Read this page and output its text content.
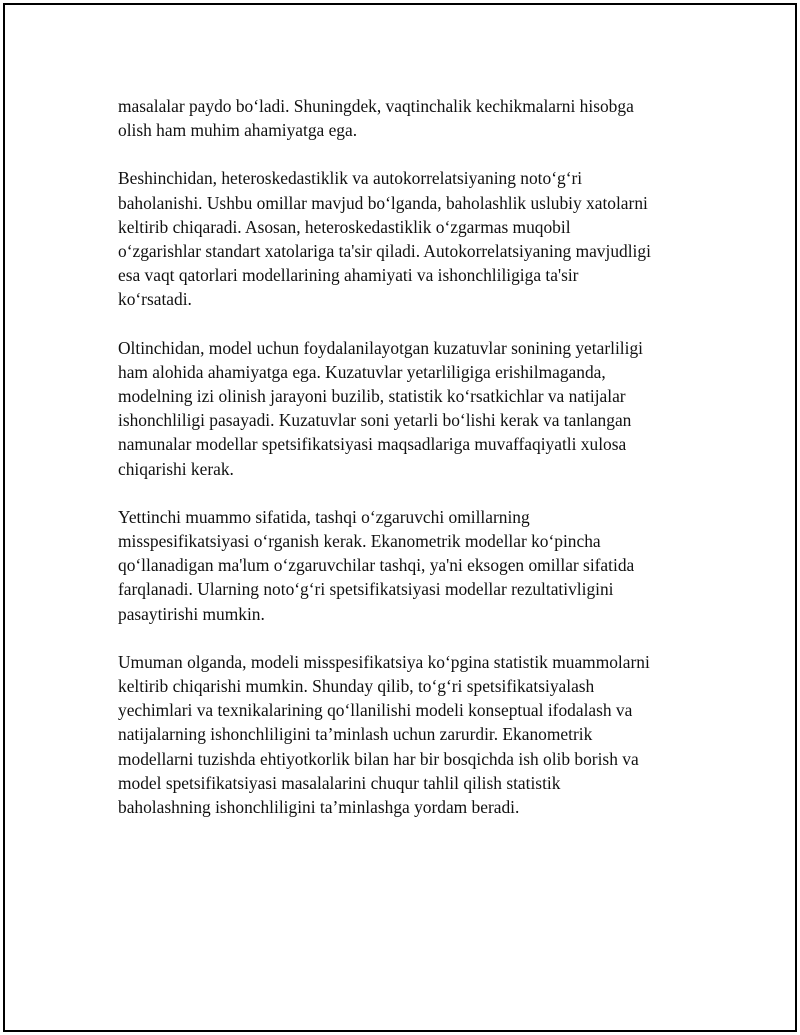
masalalar paydo bo‘ladi. Shuningdek, vaqtinchalik kechikmalarni hisobga
olish ham muhim ahamiyatga ega.

Beshinchidan, heteroskedastiklik va autokorrelatsiyaning noto‘g‘ri
baholanishi. Ushbu omillar mavjud bo‘lganda, baholashlik uslubiy xatolarni
keltirib chiqaradi. Asosan, heteroskedastiklik o‘zgarmas muqobil
o‘zgarishlar standart xatolariga ta'sir qiladi. Autokorrelatsiyaning mavjudligi
esa vaqt qatorlari modellarining ahamiyati va ishonchliligiga ta'sir
ko‘rsatadi.

Oltinchidan, model uchun foydalanilayotgan kuzatuvlar sonining yetarliligi
ham alohida ahamiyatga ega. Kuzatuvlar yetarliligiga erishilmaganda,
modelning izi olinish jarayoni buzilib, statistik ko‘rsatkichlar va natijalar
ishonchliligi pasayadi. Kuzatuvlar soni yetarli bo‘lishi kerak va tanlangan
namunalar modellar spetsifikatsiyasi maqsadlariga muvaffaqiyatli xulosa
chiqarishi kerak.

Yettinchi muammo sifatida, tashqi o‘zgaruvchi omillarning
misspesifikatsiyasi o‘rganish kerak. Ekanometrik modellar ko‘pincha
qo‘llanadigan ma'lum o‘zgaruvchilar tashqi, ya'ni eksogen omillar sifatida
farqlanadi. Ularning noto‘g‘ri spetsifikatsiyasi modellar rezultativligini
pasaytirishi mumkin.

Umuman olganda, modeli misspesifikatsiya ko‘pgina statistik muammolarni
keltirib chiqarishi mumkin. Shunday qilib, to‘g‘ri spetsifikatsiyalash
yechimlari va texnikalarining qo‘llanilishi modeli konseptual ifodalash va
natijalarning ishonchliligini ta’minlash uchun zarurdir. Ekanometrik
modellarni tuzishda ehtiyotkorlik bilan har bir bosqichda ish olib borish va
model spetsifikatsiyasi masalalarini chuqur tahlil qilish statistik
baholashning ishonchliligini ta’minlashga yordam beradi.
